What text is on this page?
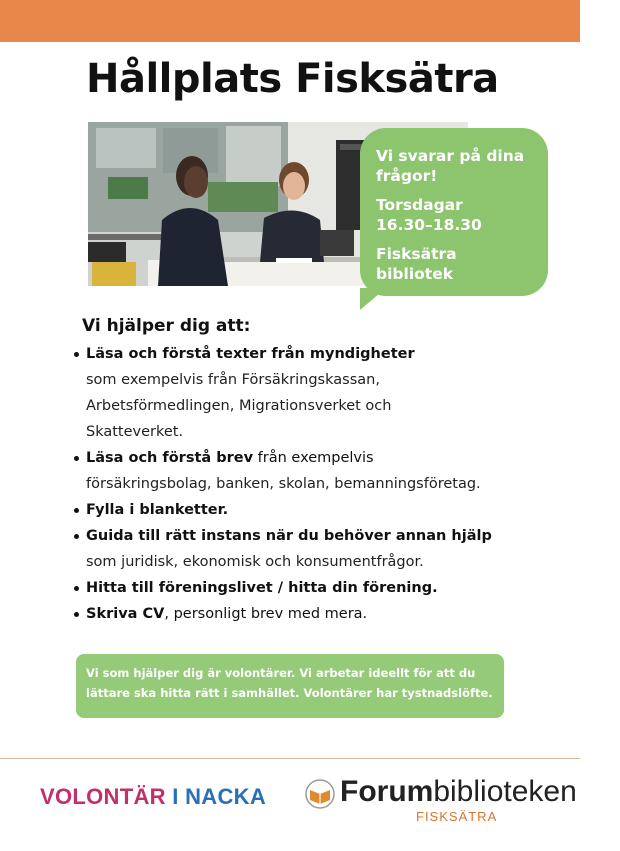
Hållplats Fisksätra

Vi svarar på dina

frågor!

Torsdagar

16.30–18.30

Fisksätra bibliotek

Vi hjälper dig att:
Läsa och förstå texter från myndigheter
som exempelvis från Försäkringskassan,
Arbetsförmedlingen, Migrationsverket och
Skatteverket.
Läsa och förstå brev från exempelvis
försäkringsbolag, banken, skolan, bemanningsföretag.
Fylla i blanketter.
Guida till rätt instans när du behöver annan hjälp
som juridisk, ekonomisk och konsumentfrågor.
Hitta till föreningslivet / hitta din förening.
Skriva CV, personligt brev med mera.
Vi som hjälper dig är volontärer. Vi arbetar ideellt för att du
lättare ska hitta rätt i samhället. Volontärer har tystnadslöfte.
VOLONTÄR I NACKA Forumbiblioteken
FISKSÄTRA
